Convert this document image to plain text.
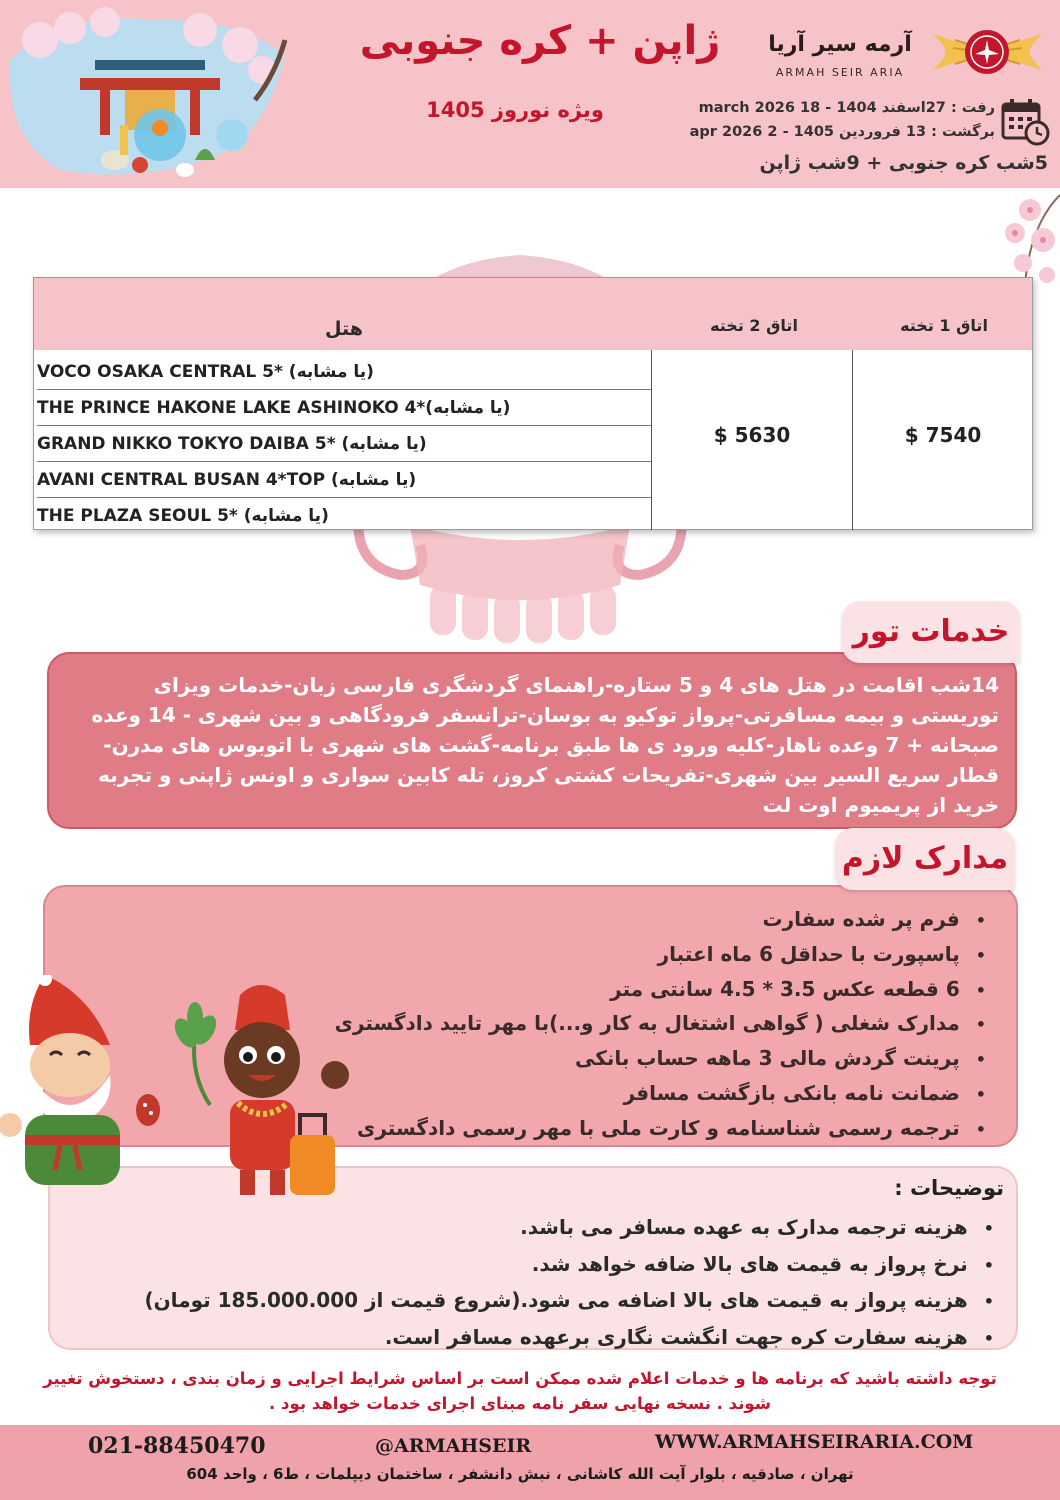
ژاپن + کره جنوبی
ویژه نوروز 1405
آرمه سیر آریا
ARMAH SEIR ARIA
رفت : 27اسفند 1404 - 18 march 2026
برگشت : 13 فروردین 1405 - 2 apr 2026
5شب کره جنوبی + 9شب ژاپن
هتل	اتاق 2 تخته	اتاق 1 تخته
VOCO OSAKA CENTRAL 5* (یا مشابه)
THE PRINCE HAKONE LAKE ASHINOKO 4*(یا مشابه)
GRAND NIKKO TOKYO DAIBA 5* (یا مشابه)
AVANI CENTRAL BUSAN 4*TOP (یا مشابه)
THE PLAZA SEOUL 5* (یا مشابه)
5630 $	7540 $
14شب اقامت در هتل های 4 و 5 ستاره-راهنمای گردشگری فارسی زبان-خدمات ویزای
توریستی و بیمه مسافرتی-پرواز توکیو به بوسان-ترانسفر فرودگاهی و بین شهری - 14 وعده
صبحانه + 7 وعده ناهار-کلیه ورود ی ها طبق برنامه-گشت های شهری با اتوبوس های مدرن-
قطار سریع السیر بین شهری-تفریحات کشتی کروز، تله کابین سواری و اونس ژاپنی و تجربه
خرید از پریمیوم اوت لت
خدمات تور
• فرم پر شده سفارت
• پاسپورت با حداقل 6 ماه اعتبار
• 6 قطعه عکس 3.5 * 4.5 سانتی متر
• مدارک شغلی ( گواهی اشتغال به کار و...)با مهر تایید دادگستری
• پرینت گردش مالی 3 ماهه حساب بانکی
• ضمانت نامه بانکی بازگشت مسافر
• ترجمه رسمی شناسنامه و کارت ملی با مهر رسمی دادگستری
مدارک لازم
توضیحات :
• هزینه ترجمه مدارک به عهده مسافر می باشد.
• نرخ پرواز به قیمت های بالا ضافه خواهد شد.
• هزینه پرواز به قیمت های بالا اضافه می شود.(شروع قیمت از 185.000.000 تومان)
• هزینه سفارت کره جهت انگشت نگاری برعهده مسافر است.
توجه داشته باشید که برنامه ها و خدمات اعلام شده ممکن است بر اساس شرایط اجرایی و زمان بندی ، دستخوش تغییر شوند . نسخه نهایی سفر نامه مبنای اجرای خدمات خواهد بود .
021-88450470	@ARMAHSEIR	WWW.ARMAHSEIRARIA.COM
تهران ، صادقیه ، بلوار آیت الله کاشانی ، نبش دانشفر ، ساختمان دیپلمات ، ط6 ، واحد 604
